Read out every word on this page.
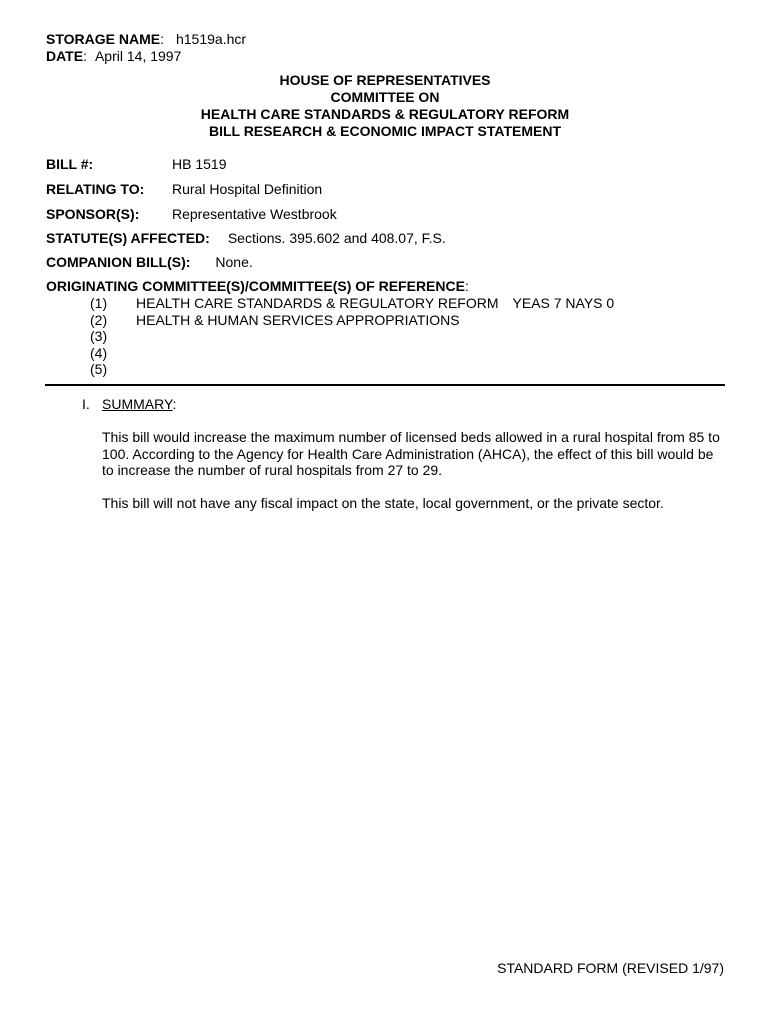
STORAGE NAME: h1519a.hcr
DATE: April 14, 1997
HOUSE OF REPRESENTATIVES
COMMITTEE ON
HEALTH CARE STANDARDS & REGULATORY REFORM
BILL RESEARCH & ECONOMIC IMPACT STATEMENT
BILL #:	HB 1519
RELATING TO: Rural Hospital Definition
SPONSOR(S): Representative Westbrook
STATUTE(S) AFFECTED: Sections. 395.602 and 408.07, F.S.
COMPANION BILL(S): None.
ORIGINATING COMMITTEE(S)/COMMITTEE(S) OF REFERENCE:
(1) HEALTH CARE STANDARDS & REGULATORY REFORM YEAS 7 NAYS 0
(2) HEALTH & HUMAN SERVICES APPROPRIATIONS
(3)
(4)
(5)
I. SUMMARY:

This bill would increase the maximum number of licensed beds allowed in a rural hospital from 85 to 100. According to the Agency for Health Care Administration (AHCA), the effect of this bill would be to increase the number of rural hospitals from 27 to 29.

This bill will not have any fiscal impact on the state, local government, or the private sector.

STANDARD FORM (REVISED 1/97)
